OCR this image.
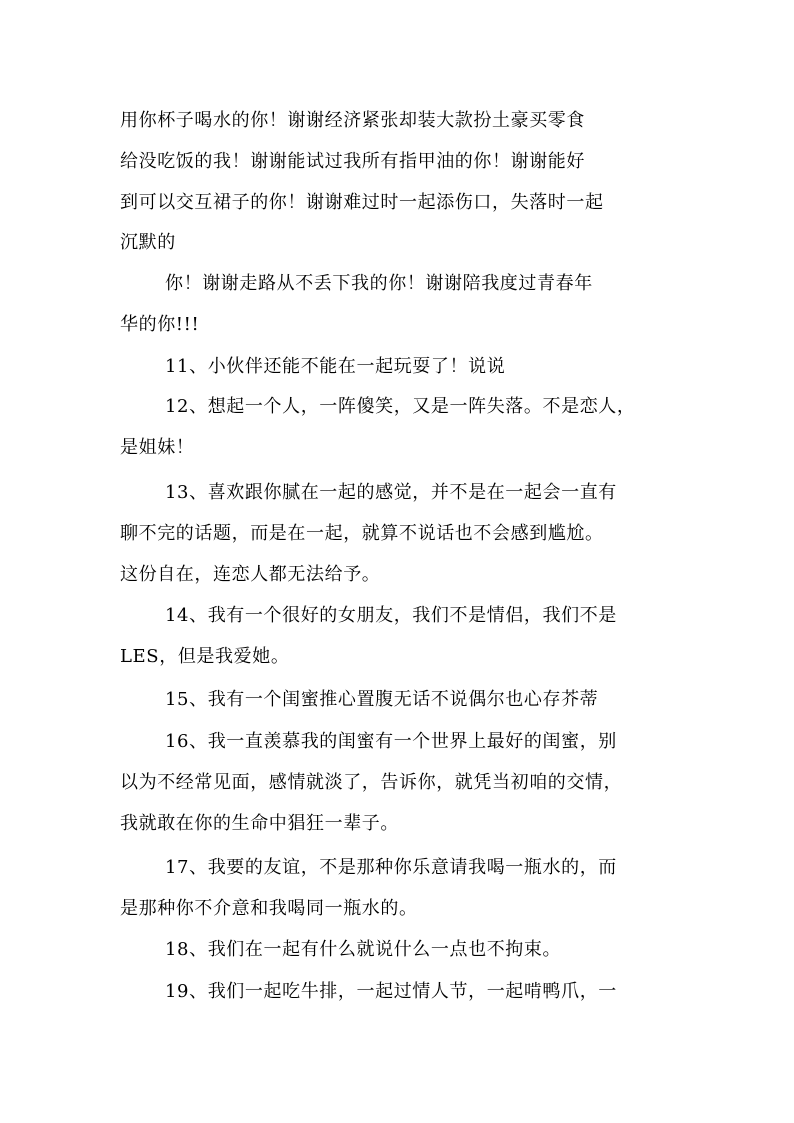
用你杯子喝水的你！谢谢经济紧张却装大款扮土豪买零食
给没吃饭的我！谢谢能试过我所有指甲油的你！谢谢能好
到可以交互裙子的你！谢谢难过时一起添伤口，失落时一起
沉默的
你！谢谢走路从不丢下我的你！谢谢陪我度过青春年
华的你!!!
11、小伙伴还能不能在一起玩耍了！说说
12、想起一个人，一阵傻笑，又是一阵失落。不是恋人，
是姐妹！
13、喜欢跟你腻在一起的感觉，并不是在一起会一直有
聊不完的话题，而是在一起，就算不说话也不会感到尴尬。
这份自在，连恋人都无法给予。
14、我有一个很好的女朋友，我们不是情侣，我们不是
LES，但是我爱她。
15、我有一个闺蜜推心置腹无话不说偶尔也心存芥蒂
16、我一直羡慕我的闺蜜有一个世界上最好的闺蜜，别
以为不经常见面，感情就淡了，告诉你，就凭当初咱的交情，
我就敢在你的生命中猖狂一辈子。
17、我要的友谊，不是那种你乐意请我喝一瓶水的，而
是那种你不介意和我喝同一瓶水的。
18、我们在一起有什么就说什么一点也不拘束。
19、我们一起吃牛排，一起过情人节，一起啃鸭爪，一
